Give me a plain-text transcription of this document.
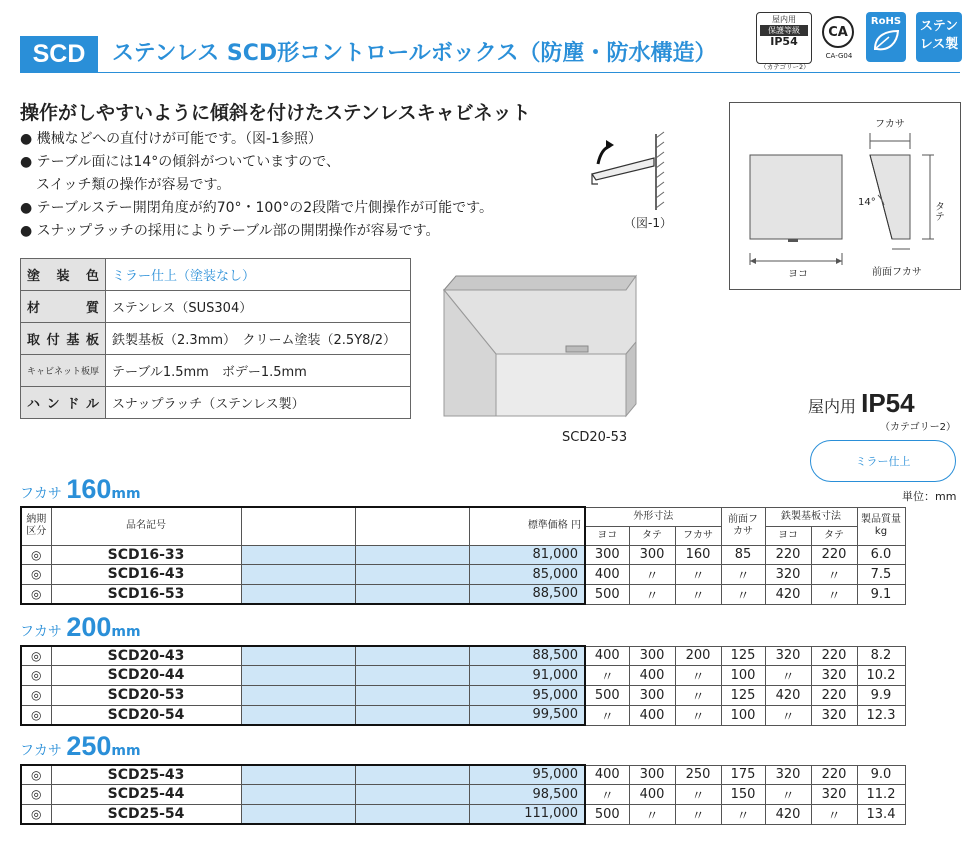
SCD	ステンレス SCD形コントロールボックス（防塵・防水構造）
屋内用
保護等級
IP54
（カテゴリー2）
CA
CA-G04
RoHS	ステン
レス製
操作がしやすいように傾斜を付けたステンレスキャビネット
● 機械などへの直付けが可能です。（図-1参照）
● テーブル面には14°の傾斜がついていますので、
スイッチ類の操作が容易です。
● テーブルステー開閉角度が約70°・100°の2段階で片側操作が可能です。
● スナップラッチの採用によりテーブル部の開閉操作が容易です。	（図-1）
塗装色	ミラー仕上（塗装なし）
材質	ステンレス（SUS304）
取付基板	鉄製基板（2.3mm）　クリーム塗装（2.5Y8/2）
キャビネット板厚	テーブル1.5mm　ボデー1.5mm
ハンドル	スナップラッチ（ステンレス製）
SCD20-53
フカサ
タテ
ヨコ
14°
前面フカサ
屋内用 IP54
（カテゴリー2）
ミラー仕上
単位：mm
フカサ 160mm
納期区分	品名記号			標準価格 円	外形寸法			前面フカサ	鉄製基板寸法		製品質量kg
					ヨコ	タテ	フカサ		ヨコ	タテ	
◎	SCD16-33			81,000	300	300	160	85	220	220	6.0
◎	SCD16-43			85,000	400	〃	〃	〃	320	〃	7.5
◎	SCD16-53			88,500	500	〃	〃	〃	420	〃	9.1
フカサ 200mm
◎	SCD20-43			88,500	400	300	200	125	320	220	8.2
◎	SCD20-44			91,000	〃	400	〃	100	〃	320	10.2
◎	SCD20-53			95,000	500	300	〃	125	420	220	9.9
◎	SCD20-54			99,500	〃	400	〃	100	〃	320	12.3
フカサ 250mm
◎	SCD25-43			95,000	400	300	250	175	320	220	9.0
◎	SCD25-44			98,500	〃	400	〃	150	〃	320	11.2
◎	SCD25-54			111,000	500	〃	〃	〃	420	〃	13.4
